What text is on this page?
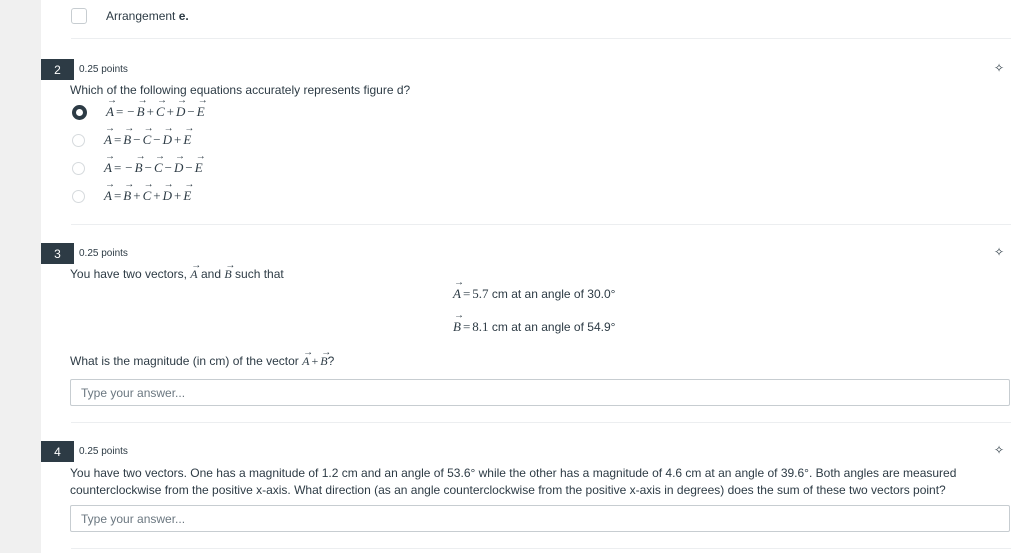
Arrangement e.
2	0.25 points	✧
Which of the following equations accurately represents figure d?
→ A = − → B + → C + → D − → E
→ A = → B − → C − → D + → E
→ A = − → B − → C − → D − → E
→ A = → B + → C + → D + → E
3	0.25 points	✧
You have two vectors, → A and → B such that
→ A = 5.7 cm at an angle of 30.0°
→ B = 8.1 cm at an angle of 54.9°
What is the magnitude (in cm) of the vector → A + → B?
Type your answer...
4	0.25 points	✧
You have two vectors. One has a magnitude of 1.2 cm and an angle of 53.6° while the other has a magnitude of 4.6 cm at an angle of 39.6°. Both angles are measured
counterclockwise from the positive x-axis. What direction (as an angle counterclockwise from the positive x-axis in degrees) does the sum of these two vectors point?
Type your answer...
